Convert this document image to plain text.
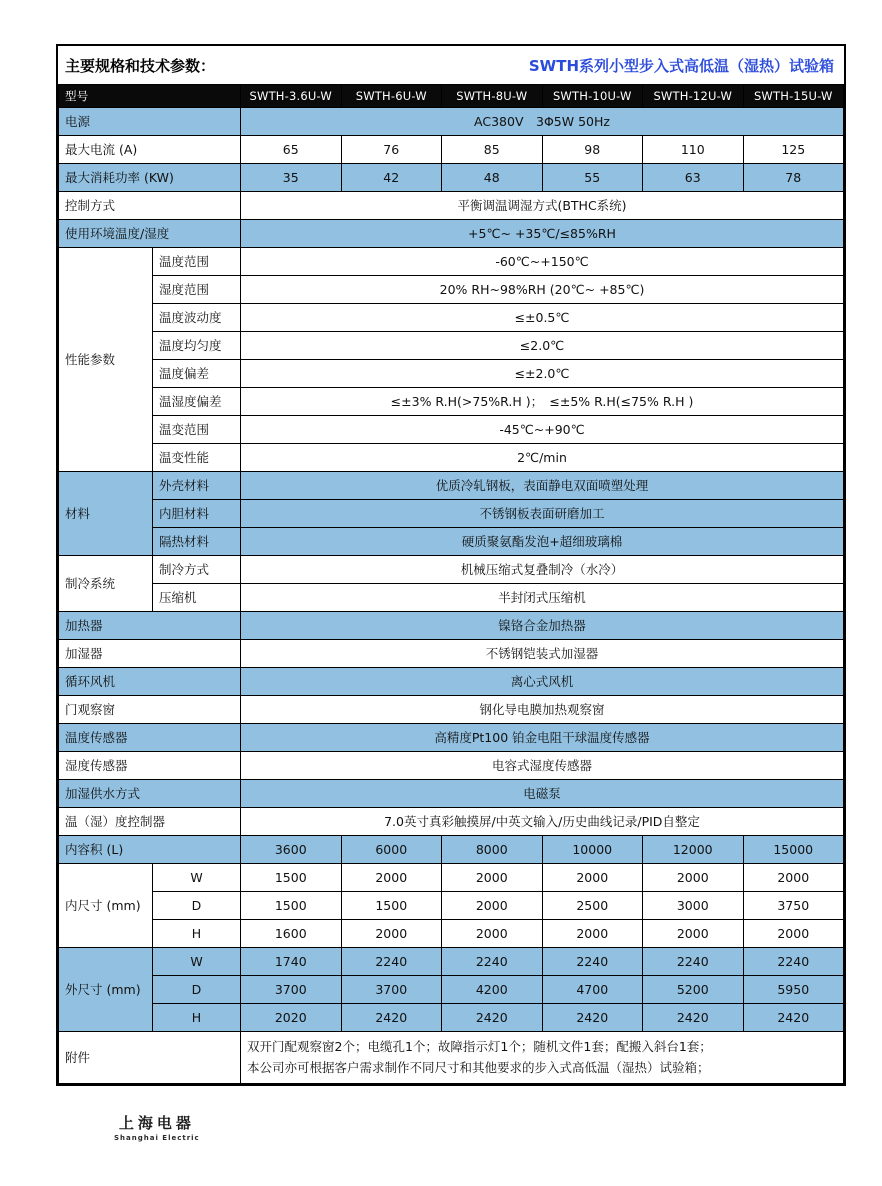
主要规格和技术参数：	SWTH系列小型步入式高低温（湿热）试验箱
型号		SWTH-3.6U-W	SWTH-6U-W	SWTH-8U-W	SWTH-10U-W	SWTH-12U-W	SWTH-15U-W
电源		AC380V　3Φ5W 50Hz					
最大电流 (A)		65	76	85	98	110	125
最大消耗功率 (KW)		35	42	48	55	63	78
控制方式		平衡调温调湿方式(BTHC系统)					
使用环境温度/湿度		+5℃~ +35℃/≤85%RH					
性能参数	温度范围	-60℃~+150℃					
	湿度范围	20% RH~98%RH (20℃~ +85℃)					
	温度波动度	≤±0.5℃					
	温度均匀度	≤2.0℃					
	温度偏差	≤±2.0℃					
	温湿度偏差	≤±3% R.H(>75%R.H )；　≤±5% R.H(≤75% R.H )					
	温变范围	-45℃~+90℃					
	温变性能	2℃/min					
材料	外壳材料	优质冷轧钢板，表面静电双面喷塑处理					
	内胆材料	不锈钢板表面研磨加工					
	隔热材料	硬质聚氨酯发泡+超细玻璃棉					
制冷系统	制冷方式	机械压缩式复叠制冷（水冷）					
	压缩机	半封闭式压缩机					
加热器		镍铬合金加热器					
加湿器		不锈钢铠装式加湿器					
循环风机		离心式风机					
门观察窗		钢化导电膜加热观察窗					
温度传感器		高精度Pt100 铂金电阻干球温度传感器					
湿度传感器		电容式湿度传感器					
加湿供水方式		电磁泵					
温（湿）度控制器		7.0英寸真彩触摸屏/中英文输入/历史曲线记录/PID自整定					
内容积 (L)		3600	6000	8000	10000	12000	15000
内尺寸 (mm)	W	1500	2000	2000	2000	2000	2000
	D	1500	1500	2000	2500	3000	3750
	H	1600	2000	2000	2000	2000	2000
外尺寸 (mm)	W	1740	2240	2240	2240	2240	2240
	D	3700	3700	4200	4700	5200	5950
	H	2020	2420	2420	2420	2420	2420
附件		双开门配观察窗2个；电缆孔1个；故障指示灯1个；随机文件1套；配搬入斜台1套；
本公司亦可根据客户需求制作不同尺寸和其他要求的步入式高低温（湿热）试验箱；					
上海电器
Shanghai Electric
